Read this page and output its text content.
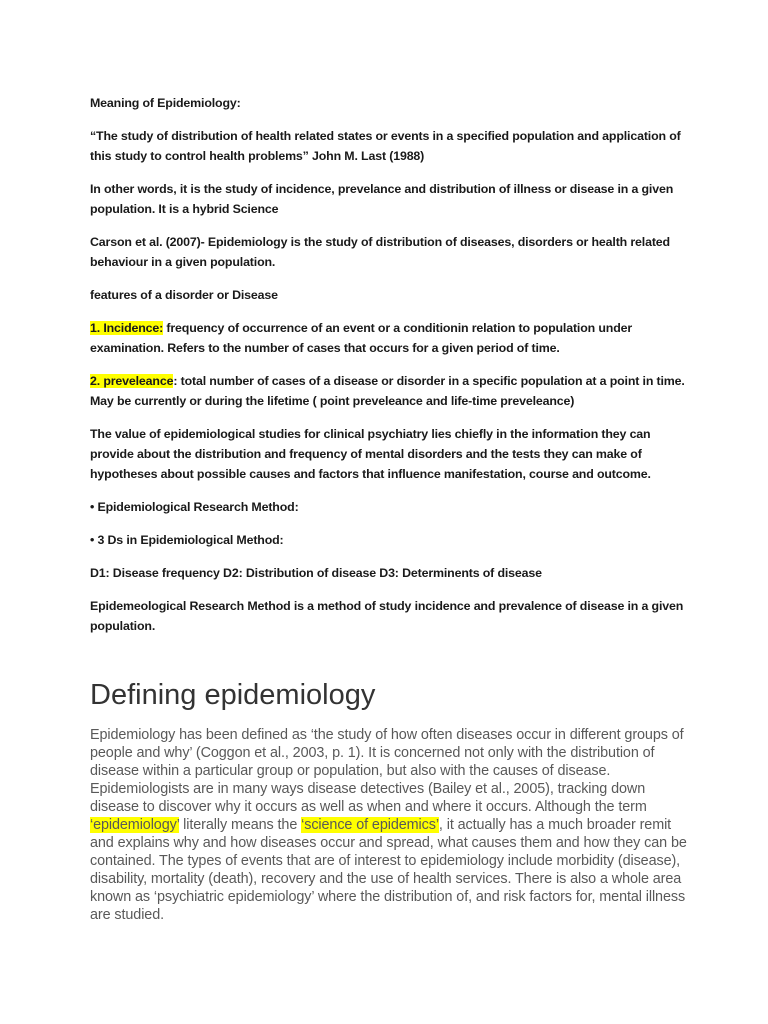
Meaning of Epidemiology:

“The study of distribution of health related states or events in a specified population and application of this study to control health problems” John M. Last (1988)

In other words, it is the study of incidence, prevelance and distribution of illness or disease in a given population. It is a hybrid Science

Carson et al. (2007)- Epidemiology is the study of distribution of diseases, disorders or health related behaviour in a given population.

features of a disorder or Disease

1. Incidence: frequency of occurrence of an event or a conditionin relation to population under examination. Refers to the number of cases that occurs for a given period of time.

2. preveleance: total number of cases of a disease or disorder in a specific population at a point in time. May be currently or during the lifetime ( point preveleance and life-time preveleance)

The value of epidemiological studies for clinical psychiatry lies chiefly in the information they can provide about the distribution and frequency of mental disorders and the tests they can make of hypotheses about possible causes and factors that influence manifestation, course and outcome.

• Epidemiological Research Method:

• 3 Ds in Epidemiological Method:

D1: Disease frequency D2: Distribution of disease D3: Determinents of disease

Epidemeological Research Method is a method of study incidence and prevalence of disease in a given population.

Defining epidemiology
Epidemiology has been defined as ‘the study of how often diseases occur in different groups of people and why’ (Coggon et al., 2003, p. 1). It is concerned not only with the distribution of disease within a particular group or population, but also with the causes of disease. Epidemiologists are in many ways disease detectives (Bailey et al., 2005), tracking down disease to discover why it occurs as well as when and where it occurs. Although the term ‘epidemiology’ literally means the ‘science of epidemics’, it actually has a much broader remit and explains why and how diseases occur and spread, what causes them and how they can be contained. The types of events that are of interest to epidemiology include morbidity (disease), disability, mortality (death), recovery and the use of health services. There is also a whole area known as ‘psychiatric epidemiology’ where the distribution of, and risk factors for, mental illness are studied.
